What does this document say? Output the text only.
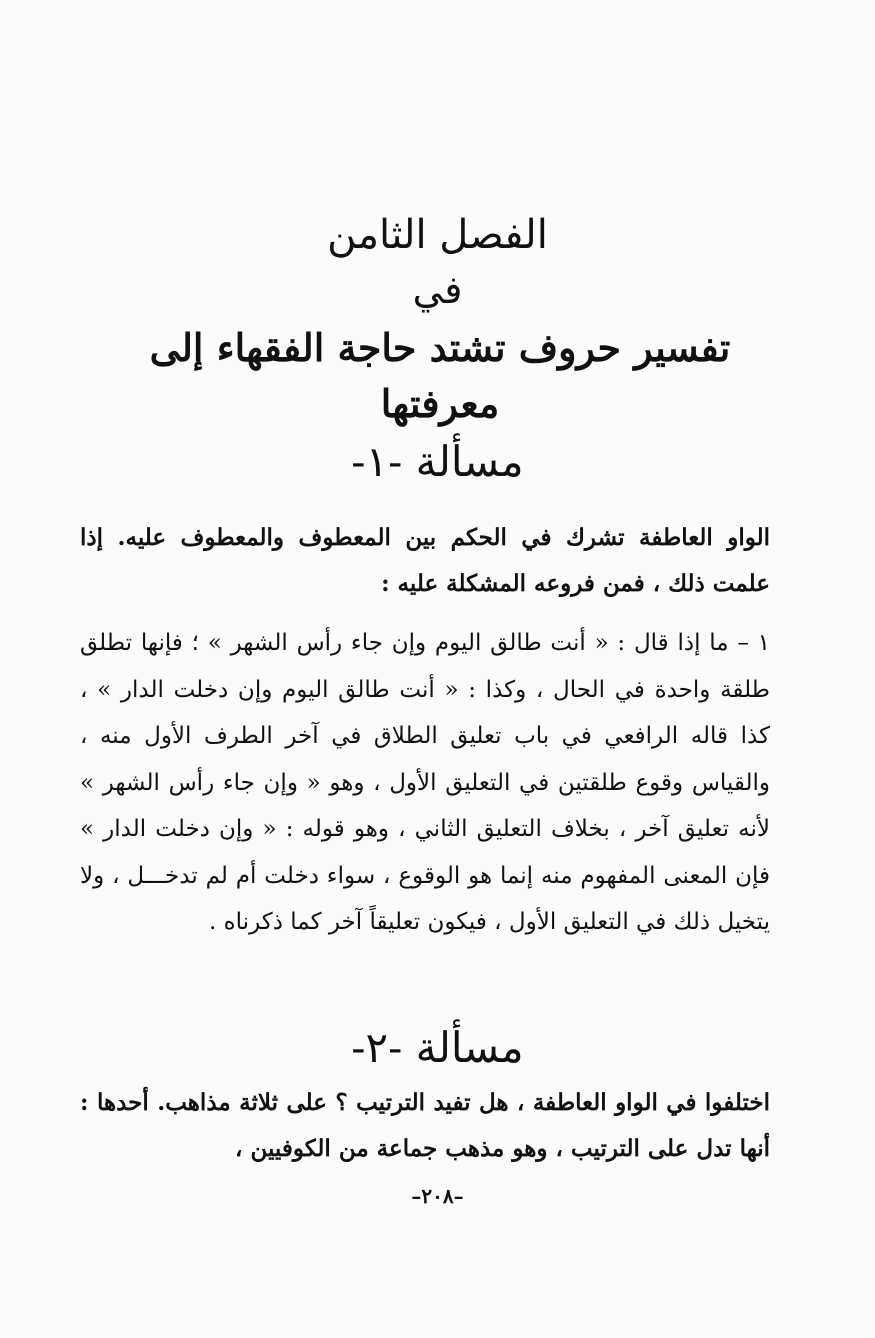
الفصل الثامن
في
تفسير حروف تشتد حاجة الفقهاء إلى معرفتها
مسألة -١-
الواو العاطفة تشرك في الحكم بين المعطوف والمعطوف عليه. إذا علمت ذلك ، فمن فروعه المشكلة عليه :
١ – ما إذا قال : « أنت طالق اليوم وإن جاء رأس الشهر » ؛ فإنها تطلق طلقة واحدة في الحال ، وكذا : « أنت طالق اليوم وإن دخلت الدار » ، كذا قاله الرافعي في باب تعليق الطلاق في آخر الطرف الأول منه ، والقياس وقوع طلقتين في التعليق الأول ، وهو « وإن جاء رأس الشهر » لأنه تعليق آخر ، بخلاف التعليق الثاني ، وهو قوله : « وإن دخلت الدار » فإن المعنى المفهوم منه إنما هو الوقوع ، سواء دخلت أم لم تدخـــل ، ولا يتخيل ذلك في التعليق الأول ، فيكون تعليقاً آخر كما ذكرناه .
مسألة -٢-
اختلفوا في الواو العاطفة ، هل تفيد الترتيب ؟ على ثلاثة مذاهب. أحدها : أنها تدل على الترتيب ، وهو مذهب جماعة من الكوفيين ،
–٢٠٨–
